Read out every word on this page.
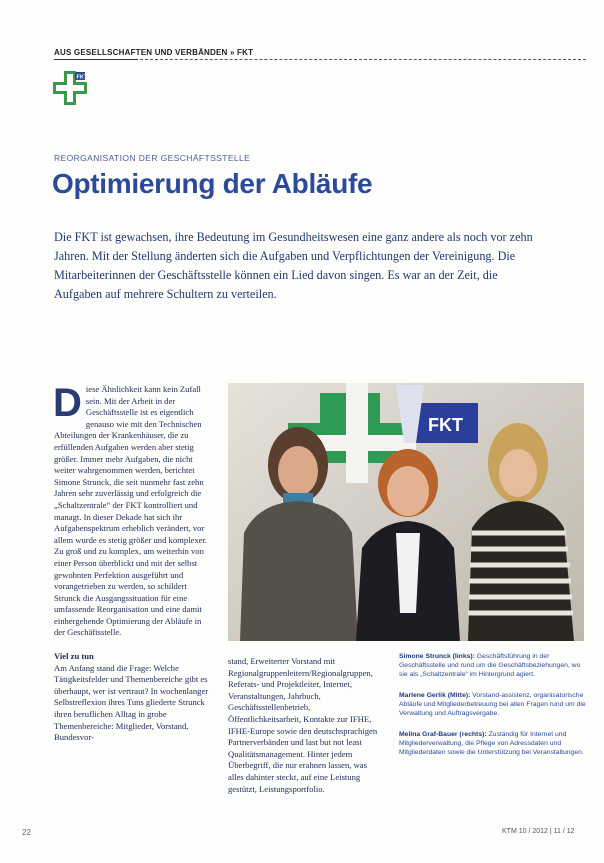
AUS GESELLSCHAFTEN UND VERBÄNDEN » FKT
FKT
REORGANISATION DER GESCHÄFTSSTELLE
Optimierung der Abläufe
Die FKT ist gewachsen, ihre Bedeutung im Gesundheitswesen eine ganz andere als noch vor zehn Jahren. Mit der Stellung änderten sich die Aufgaben und Verpflichtungen der Vereinigung. Die Mitarbeiterinnen der Geschäftsstelle können ein Lied davon singen. Es war an der Zeit, die Aufgaben auf mehrere Schultern zu verteilen.

D iese Ähnlichkeit kann kein Zufall sein. Mit der Arbeit in der Geschäftsstelle ist es eigentlich genauso wie mit den Technischen Abteilungen der Krankenhäuser, die zu erfüllenden Aufgaben werden aber stetig größer. Immer mehr Aufgaben, die nicht weiter wahrgenommen werden, berichtet Simone Strunck, die seit nunmehr fast zehn Jahren sehr zuverlässig und erfolgreich die „Schaltzentrale“ der FKT kontrolliert und managt. In dieser Dekade hat sich ihr Aufgabenspektrum erheblich verändert, vor allem wurde es stetig größer und komplexer. Zu groß und zu komplex, um weiterhin von einer Person überblickt und mit der selbst gewohnten Perfektion ausgeführt und vorangetrieben zu werden, so schildert Strunck die Ausgangssituation für eine umfassende Reorganisation und eine damit einhergehende Optimierung der Abläufe in der Geschäftsstelle.

Viel zu tun

Am Anfang stand die Frage: Welche Tätigkeitsfelder und Themenbereiche gibt es überhaupt, wer ist vertraut? In wochenlanger Selbstreflexion ihres Tuns gliederte Strunck ihren beruflichen Alltag in grobe Themenbereiche: Mitglieder, Vorstand, Bundesvor-

FKT
stand, Erweiterter Vorstand mit Regionalgruppenleitern/Regionalgruppen, Referats- und Projektleiter, Internet, Veranstaltungen, Jahrbuch, Geschäftsstellenbetrieb, Öffentlichkeitsarbeit, Kontakte zur IFHE, IFHE-Europe sowie den deutschsprachigen Partnerverbänden und last but not least Qualitätsmanagement. Hinter jedem Überbegriff, die nur erahnen lassen, was alles dahinter steckt, auf eine Leistung gestützt, Leistungsportfolio.

Simone Strunck (links): Geschäftsführung in der Geschäftsstelle und rund um die Geschäftsbeziehungen, wo sie als „Schaltzentrale“ im Hintergrund agiert.

Marlene Gerlik (Mitte): Vorstand-assistenz, organisatorische Abläufe und Mitgliederbetreuung bei allen Fragen rund um die Verwaltung und Auftragsvergabe.

Melina Graf-Bauer (rechts): Zuständig für Internet und Mitgliederverwaltung, die Pflege von Adressdaten und Mitgliederdaten sowie die Unterstützung bei Veranstaltungen.

22	KTM 10 / 2012 | 11 / 12
